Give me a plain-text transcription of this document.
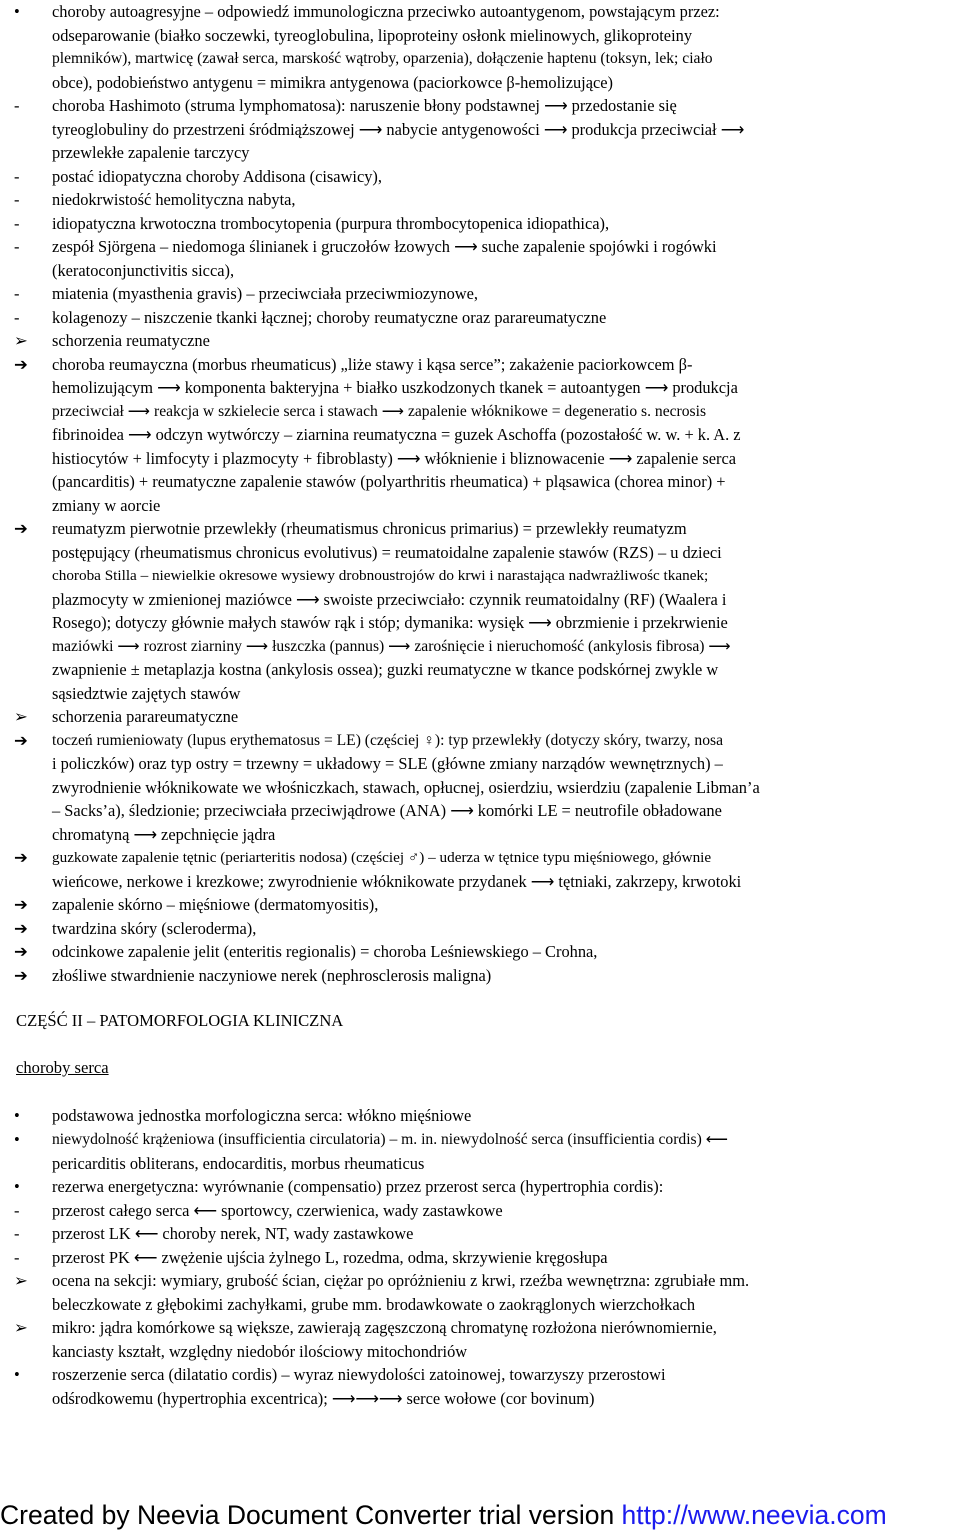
• choroby autoagresyjne – odpowiedź immunologiczna przeciwko autoantygenom, powstającym przez:
odseparowanie (białko soczewki, tyreoglobulina, lipoproteiny osłonk mielinowych, glikoproteiny
plemników), martwicę (zawał serca, marskość wątroby, oparzenia), dołączenie haptenu (toksyn, lek; ciało
obce), podobieństwo antygenu = mimikra antygenowa (paciorkowce β-hemolizujące)
- choroba Hashimoto (struma lymphomatosa): naruszenie błony podstawnej ⟶ przedostanie się
tyreoglobuliny do przestrzeni śródmiąższowej ⟶ nabycie antygenowości ⟶ produkcja przeciwciał ⟶
przewlekłe zapalenie tarczycy
- postać idiopatyczna choroby Addisona (cisawicy),
- niedokrwistość hemolityczna nabyta,
- idiopatyczna krwotoczna trombocytopenia (purpura thrombocytopenica idiopathica),
- zespół Sjörgena – niedomoga ślinianek i gruczołów łzowych ⟶ suche zapalenie spojówki i rogówki
(keratoconjunctivitis sicca),
- miatenia (myasthenia gravis) – przeciwciała przeciwmiozynowe,
- kolagenozy – niszczenie tkanki łącznej; choroby reumatyczne oraz parareumatyczne
➢ schorzenia reumatyczne
➔ choroba reumayczna (morbus rheumaticus) „liże stawy i kąsa serce”; zakażenie paciorkowcem β-
hemolizującym ⟶ komponenta bakteryjna + białko uszkodzonych tkanek = autoantygen ⟶ produkcja
przeciwciał ⟶ reakcja w szkielecie serca i stawach ⟶ zapalenie włóknikowe = degeneratio s. necrosis
fibrinoidea ⟶ odczyn wytwórczy – ziarnina reumatyczna = guzek Aschoffa (pozostałość w. w. + k. A. z
histiocytów + limfocyty i plazmocyty + fibroblasty) ⟶ włóknienie i bliznowacenie ⟶ zapalenie serca
(pancarditis) + reumatyczne zapalenie stawów (polyarthritis rheumatica) + pląsawica (chorea minor) +
zmiany w aorcie
➔ reumatyzm pierwotnie przewlekły (rheumatismus chronicus primarius) = przewlekły reumatyzm
postępujący (rheumatismus chronicus evolutivus) = reumatoidalne zapalenie stawów (RZS) – u dzieci
choroba Stilla – niewielkie okresowe wysiewy drobnoustrojów do krwi i narastająca nadwrażliwośc tkanek;
plazmocyty w zmienionej maziówce ⟶ swoiste przeciwciało: czynnik reumatoidalny (RF) (Waalera i
Rosego); dotyczy głównie małych stawów rąk i stóp; dymanika: wysięk ⟶ obrzmienie i przekrwienie
maziówki ⟶ rozrost ziarniny ⟶ łuszczka (pannus) ⟶ zarośnięcie i nieruchomość (ankylosis fibrosa) ⟶
zwapnienie ± metaplazja kostna (ankylosis ossea); guzki reumatyczne w tkance podskórnej zwykle w
sąsiedztwie zajętych stawów
➢ schorzenia parareumatyczne
➔ toczeń rumieniowaty (lupus erythematosus = LE) (częściej ♀): typ przewlekły (dotyczy skóry, twarzy, nosa
i policzków) oraz typ ostry = trzewny = układowy = SLE (główne zmiany narządów wewnętrznych) –
zwyrodnienie włóknikowate we włośniczkach, stawach, opłucnej, osierdziu, wsierdziu (zapalenie Libman’a
– Sacks’a), śledzionie; przeciwciała przeciwjądrowe (ANA) ⟶ komórki LE = neutrofile obładowane
chromatyną ⟶ zepchnięcie jądra
➔ guzkowate zapalenie tętnic (periarteritis nodosa) (częściej ♂) – uderza w tętnice typu mięśniowego, głównie
wieńcowe, nerkowe i krezkowe; zwyrodnienie włóknikowate przydanek ⟶ tętniaki, zakrzepy, krwotoki
➔ zapalenie skórno – mięśniowe (dermatomyositis),
➔ twardzina skóry (scleroderma),
➔ odcinkowe zapalenie jelit (enteritis regionalis) = choroba Leśniewskiego – Crohna,
➔ złośliwe stwardnienie naczyniowe nerek (nephrosclerosis maligna)
CZĘŚĆ II – PATOMORFOLOGIA KLINICZNA
choroby serca
• podstawowa jednostka morfologiczna serca: włókno mięśniowe
• niewydolność krążeniowa (insufficientia circulatoria) – m. in. niewydolność serca (insufficientia cordis) ⟵
pericarditis obliterans, endocarditis, morbus rheumaticus
• rezerwa energetyczna: wyrównanie (compensatio) przez przerost serca (hypertrophia cordis):
- przerost całego serca ⟵ sportowcy, czerwienica, wady zastawkowe
- przerost LK ⟵ choroby nerek, NT, wady zastawkowe
- przerost PK ⟵ zwężenie ujścia żylnego L, rozedma, odma, skrzywienie kręgosłupa
➢ ocena na sekcji: wymiary, grubość ścian, ciężar po opróżnieniu z krwi, rzeźba wewnętrzna: zgrubiałe mm.
beleczkowate z głębokimi zachyłkami, grube mm. brodawkowate o zaokrąglonych wierzchołkach
➢ mikro: jądra komórkowe są większe, zawierają zagęszczoną chromatynę rozłożona nierównomiernie,
kanciasty kształt, względny niedobór ilościowy mitochondriów
• roszerzenie serca (dilatatio cordis) – wyraz niewydolości zatoinowej, towarzyszy przerostowi
odśrodkowemu (hypertrophia excentrica); ⟶⟶⟶ serce wołowe (cor bovinum)
Created by Neevia Document Converter trial version http://www.neevia.com
